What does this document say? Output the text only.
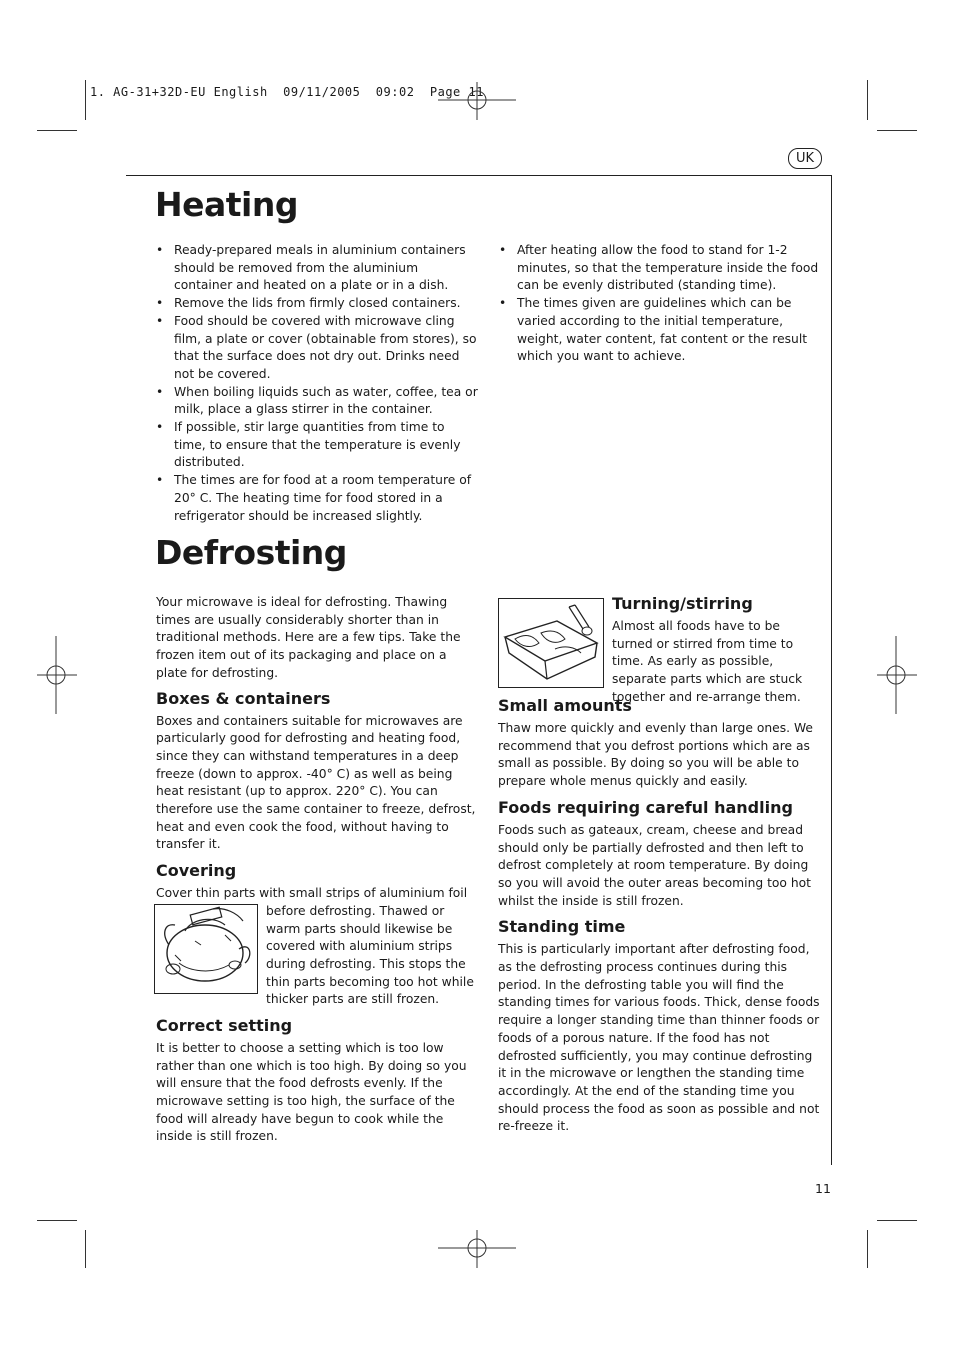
1. AG-31+32D-EU English  09/11/2005  09:02  Page 11
UK
Heating
• Ready-prepared meals in aluminium containers should be removed from the aluminium container and heated on a plate or in a dish.
• Remove the lids from firmly closed containers.
• Food should be covered with microwave cling film, a plate or cover (obtainable from stores), so that the surface does not dry out. Drinks need not be covered.
• When boiling liquids such as water, coffee, tea or milk, place a glass stirrer in the container.
• If possible, stir large quantities from time to time, to ensure that the temperature is evenly distributed.
• The times are for food at a room temperature of 20° C. The heating time for food stored in a refrigerator should be increased slightly.
• After heating allow the food to stand for 1-2 minutes, so that the temperature inside the food can be evenly distributed (standing time).
• The times given are guidelines which can be varied according to the initial temperature, weight, water content, fat content or the result which you want to achieve.
Defrosting

Your microwave is ideal for defrosting. Thawing times are usually considerably shorter than in traditional methods. Here are a few tips. Take the frozen item out of its packaging and place on a plate for defrosting.

Boxes & containers

Boxes and containers suitable for microwaves are particularly good for defrosting and heating food, since they can withstand temperatures in a deep freeze (down to approx. -40° C) as well as being heat resistant (up to approx. 220° C). You can therefore use the same container to freeze, defrost, heat and even cook the food, without having to transfer it.

Covering

Cover thin parts with small strips of aluminium foil

before defrosting. Thawed or warm parts should likewise be covered with aluminium strips during defrosting. This stops the thin parts becoming too hot while thicker parts are still frozen.

Correct setting

It is better to choose a setting which is too low rather than one which is too high. By doing so you will ensure that the food defrosts evenly. If the microwave setting is too high, the surface of the food will already have begun to cook while the inside is still frozen.

Turning/stirring

Almost all foods have to be turned or stirred from time to time. As early as possible, separate parts which are stuck together and re-arrange them.

Small amounts

Thaw more quickly and evenly than large ones. We recommend that you defrost portions which are as small as possible. By doing so you will be able to prepare whole menus quickly and easily.

Foods requiring careful handling

Foods such as gateaux, cream, cheese and bread should only be partially defrosted and then left to defrost completely at room temperature. By doing so you will avoid the outer areas becoming too hot whilst the inside is still frozen.

Standing time

This is particularly important after defrosting food, as the defrosting process continues during this period. In the defrosting table you will find the standing times for various foods. Thick, dense foods require a longer standing time than thinner foods or foods of a porous nature. If the food has not defrosted sufficiently, you may continue defrosting it in the microwave or lengthen the standing time accordingly. At the end of the standing time you should process the food as soon as possible and not re-freeze it.

11
